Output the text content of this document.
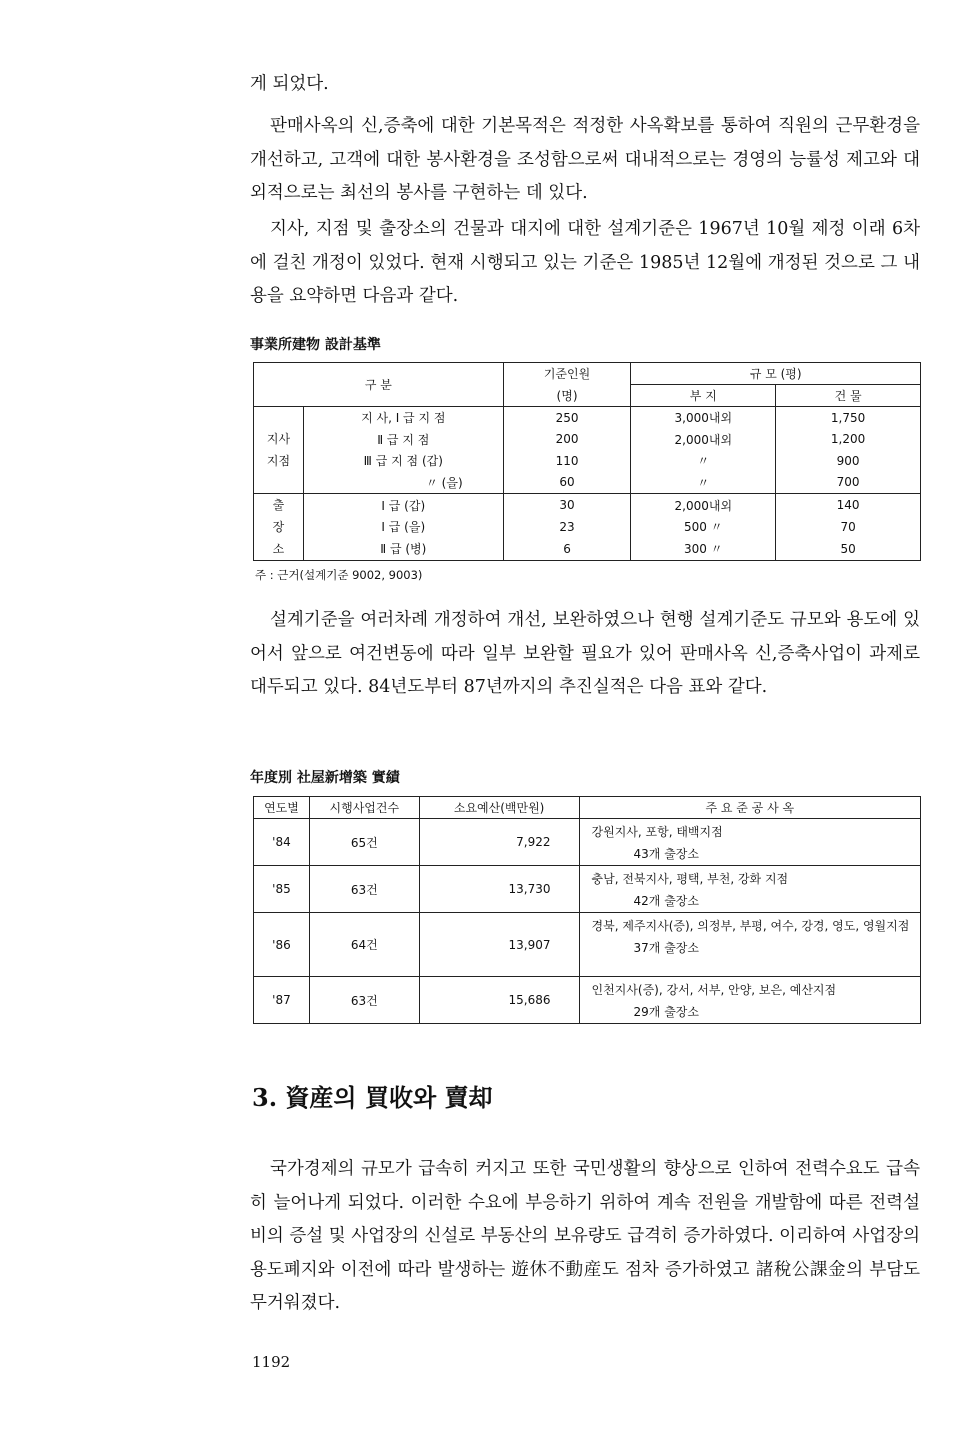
게 되었다.

판매사옥의 신,증축에 대한 기본목적은 적정한 사옥확보를 통하여 직원의 근무환경을 개선하고, 고객에 대한 봉사환경을 조성함으로써 대내적으로는 경영의 능률성 제고와 대외적으로는 최선의 봉사를 구현하는 데 있다.

지사, 지점 및 출장소의 건물과 대지에 대한 설계기준은 1967년 10월 제정 이래 6차에 걸친 개정이 있었다. 현재 시행되고 있는 기준은 1985년 12월에 개정된 것으로 그 내용을 요약하면 다음과 같다.

事業所建物 設計基準
구 분		기준인원	규 모 (평)	
		(명)	부 지	건 물
지사
지점	지 사, Ⅰ 급 지 점	250	3,000내외	1,750
	Ⅱ 급 지 점	200	2,000내외	1,200
	Ⅲ 급 지 점 (갑)	110	〃	900
	〃 (을)	60	〃	700
출
장
소	Ⅰ 급 (갑)	30	2,000내외	140
	Ⅰ 급 (을)	23	500 〃	70
	Ⅱ 급 (병)	6	300 〃	50
주 : 근거(설계기준 9002, 9003)

설계기준을 여러차례 개정하여 개선, 보완하였으나 현행 설계기준도 규모와 용도에 있어서 앞으로 여건변동에 따라 일부 보완할 필요가 있어 판매사옥 신,증축사업이 과제로 대두되고 있다. 84년도부터 87년까지의 추진실적은 다음 표와 같다.

年度別 社屋新增築 實績
연도별	시행사업건수	소요예산(백만원)	주 요 준 공 사 옥
'84	65건	7,922	강원지사, 포항, 태백지점
43개 출장소

'85	63건	13,730	충남, 전북지사, 평택, 부천, 강화 지점
42개 출장소

'86	64건	13,907	경북, 제주지사(증), 의정부, 부평, 여수, 강경, 영도, 영월지점
37개 출장소

'87	63건	15,686	인천지사(증), 강서, 서부, 안양, 보은, 예산지점
29개 출장소
3. 資産의 買收와 賣却

국가경제의 규모가 급속히 커지고 또한 국민생활의 향상으로 인하여 전력수요도 급속히 늘어나게 되었다. 이러한 수요에 부응하기 위하여 계속 전원을 개발함에 따른 전력설비의 증설 및 사업장의 신설로 부동산의 보유량도 급격히 증가하였다. 이리하여 사업장의 용도폐지와 이전에 따라 발생하는 遊休不動産도 점차 증가하였고 諸稅公課金의 부담도 무거워졌다.

1192
